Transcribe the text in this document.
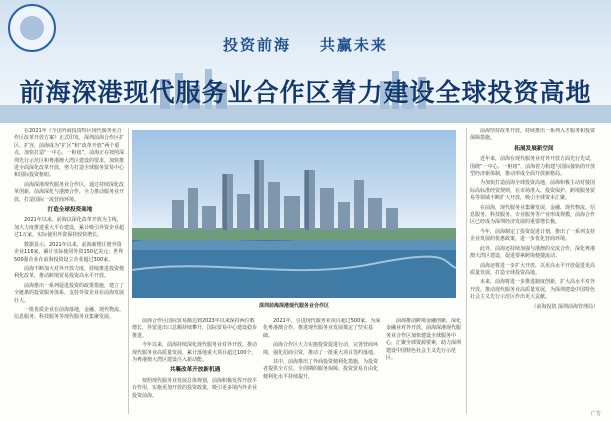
投资前海    共赢未来
前海深港现代服务业合作区着力建设全球投资高地

在2021年《全国外商投资特区现代服务业合作区改革开放方案》正式印发，深圳前海合作区扩区、扩容，前海成为“扩区”和“改革开放”两个重点，加快打造“一中心、一枢纽”，前海正在按照深圳先行示范区和粤港澳大湾区建设的要求，加快推进全面深化改革开放，努力打造全球服务贸易中心和国际投资枢纽。

前海深港现代服务业合作区，通过持续深化改革创新，前海深化与港澳合作，全力推动服务业开放，打造国际一流营商环境。

打造全球投资高地

2021年以来，前海以深化改革开放为主线，加大力度推进重大平台建设，累计吸引外资企业超过1万家，实际使用外资保持较快增长。

数据显示，2021年以来，前海新增注册外资企业116家，累计实际使用外资150亿美元；世界500强企业在前海投资设立企业超过300家。

前海不断加大对外开放力度，持续推进投资便利化改革，推动跨境贸易投资高水平开放。

前海推出一系列促进投资的政策措施，建立了全链条的投资服务体系，支持外资企业在前海发展壮大。

一批优质企业在前海落地，金融、现代物流、信息服务、科技服务等现代服务业集聚发展。

深圳前海深港现代服务业合作区

前海合作区国际贸易额达到2023年以来保持两位数增长，外贸进出口总额持续攀升，国际贸易中心建设稳步推进。

今年以来，前海持续深化现代服务业对外开放，推动现代服务业高质量发展，累计落地重大项目超过100个，为粤港澳大湾区建设注入新动能。

共襄改革开放新机遇

按照现代服务业发展总体规划，前海积极发挥开放平台作用，实施更加开放的投资政策，吸引更多境内外企业投资前海。

2021年，引进现代服务业项目超过500家，为深化粤港澳合作、推进现代服务业发展奠定了坚实基础。

前海合作区大力实施投资促进行动，完善营商环境，强化招商引资，推动了一批重大项目签约落地。

其中，前海推出了外商投资便利化措施，为投资者提供全方位、全周期的服务保障，投资贸易自由化便利化水平持续提升。

前海推动跨境金融创新，深化金融业对外开放，前海深港现代服务业合作区加快建设全球服务中心，汇聚全球资源要素，助力深圳建设中国特色社会主义先行示范区。

前海坚持改革开放，持续推出一系列入才服务和投资保障措施。

拓展发展新空间

近年来，前海在现代服务业对外开放方面先行先试，围绕“一中心、一枢纽”，前海着力构建与国际接轨的开放型经济新体制，推动形成全面开放新格局。

为加快打造前海全球投资高地，前海积极主动对接国际高标准经贸规则，在市场准入、投资保护、跨境服务贸易等领域不断扩大开放，吸引全球资本汇聚。

在前海，现代服务业集聚发展，金融、现代物流、信息服务、科技服务、专业服务等产业形成规模，前海合作区已经成为深圳经济发展的重要增长极。

今年，前海制定了投资促进计划，推出了一系列支持企业发展的优惠政策，进一步优化营商环境。

此外，前海还持续加强与港澳的交流合作，深化粤港澳大湾区建设，促进要素跨境便捷流动。

前海还将进一步扩大开放，以更高水平开放促进更高质量发展，打造全球投资高地。

未来，前海将进一步推进制度创新，扩大高水平对外开放，推动现代服务业高质量发展，为深圳建设中国特色社会主义先行示范区作出更大贡献。

（前海投资 深圳前海管理局）

广告
